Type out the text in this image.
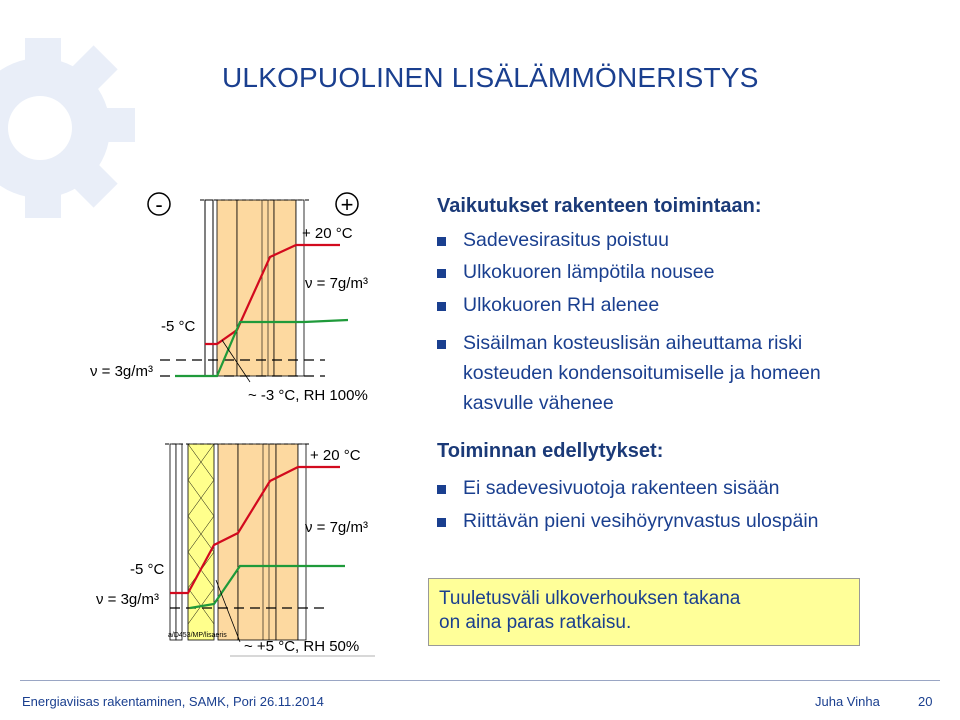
ULKOPUOLINEN LISÄLÄMMÖNERISTYS
Vaikutukset rakenteen toimintaan:
Sadevesirasitus poistuu
Ulkokuoren lämpötila nousee
Ulkokuoren RH alenee
Sisäilman kosteuslisän aiheuttama riski
kosteuden kondensoitumiselle ja homeen
kasvulle vähenee
Toiminnan edellytykset:
Ei sadevesivuotoja rakenteen sisään
Riittävän pieni vesihöyrynvastus ulospäin
Tuuletusväli ulkoverhouksen takana
on aina paras ratkaisu.
-	+
+ 20 °C
ν = 7g/m³
-5 °C
ν = 3g/m³
~ -3 °C, RH 100%
+ 20 °C
ν = 7g/m³
-5 °C
ν = 3g/m³
~ +5 °C, RH 50%
a/D453/MP/lisaeris
Energiaviisas rakentaminen, SAMK, Pori 26.11.2014	Juha Vinha	20
